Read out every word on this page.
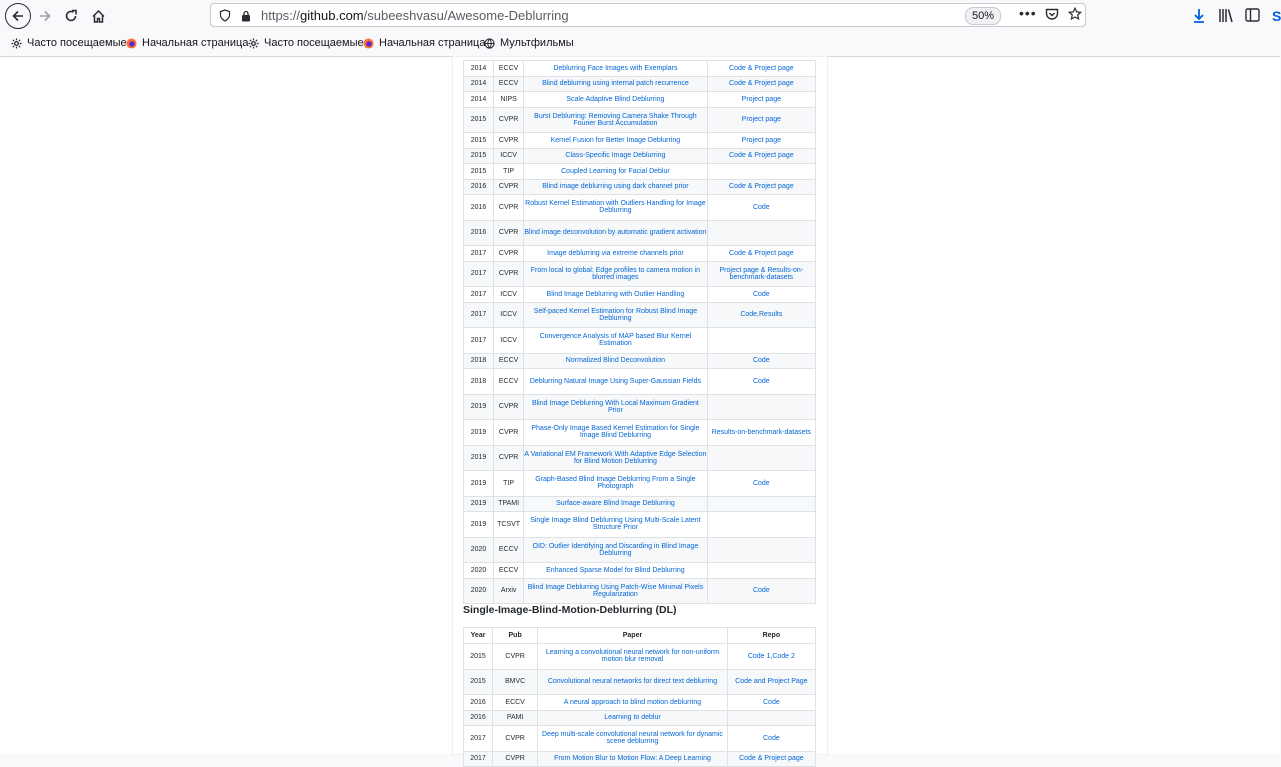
https://github.com/subeeshvasu/Awesome-Deblurring	50%	•••	S
Часто посещаемые Начальная страница Часто посещаемые Начальная страница Мультфильмы
2014	ECCV	Deblurring Face Images with Exemplars	Code & Project page
2014	ECCV	Blind deblurring using internal patch recurrence	Code & Project page
2014	NIPS	Scale Adaptive Blind Deblurring	Project page
2015	CVPR	Burst Deblurring: Removing Camera Shake Through Fourier Burst Accumulation	Project page
2015	CVPR	Kernel Fusion for Better Image Deblurring	Project page
2015	ICCV	Class-Specific Image Deblurring	Code & Project page
2015	TIP	Coupled Learning for Facial Deblur	
2016	CVPR	Blind image deblurring using dark channel prior	Code & Project page
2016	CVPR	Robust Kernel Estimation with Outliers Handling for Image Deblurring	Code
2016	CVPR	Blind image deconvolution by automatic gradient activation	
2017	CVPR	Image deblurring via extreme channels prior	Code & Project page
2017	CVPR	From local to global: Edge profiles to camera motion in blurred images	Project page & Results-on-benchmark-datasets
2017	ICCV	Blind Image Deblurring with Outlier Handling	Code
2017	ICCV	Self-paced Kernel Estimation for Robust Blind Image Deblurring	Code,Results
2017	ICCV	Convergence Analysis of MAP based Blur Kernel Estimation	
2018	ECCV	Normalized Blind Deconvolution	Code
2018	ECCV	Deblurring Natural Image Using Super-Gaussian Fields	Code
2019	CVPR	Blind Image Deblurring With Local Maximum Gradient Prior	
2019	CVPR	Phase-Only Image Based Kernel Estimation for Single Image Blind Deblurring	Results-on-benchmark-datasets
2019	CVPR	A Variational EM Framework With Adaptive Edge Selection for Blind Motion Deblurring	
2019	TIP	Graph-Based Blind Image Deblurring From a Single Photograph	Code
2019	TPAMI	Surface-aware Blind Image Deblurring	
2019	TCSVT	Single Image Blind Deblurring Using Multi-Scale Latent Structure Prior	
2020	ECCV	OID: Outlier Identifying and Discarding in Blind Image Deblurring	
2020	ECCV	Enhanced Sparse Model for Blind Deblurring	
2020	Arxiv	Blind Image Deblurring Using Patch-Wise Minimal Pixels Regularization	Code
Single-Image-Blind-Motion-Deblurring (DL)
Year	Pub	Paper	Repo
2015	CVPR	Learning a convolutional neural network for non-uniform motion blur removal	Code 1,Code 2
2015	BMVC	Convolutional neural networks for direct text deblurring	Code and Project Page
2016	ECCV	A neural approach to blind motion deblurring	Code
2016	PAMI	Learning to deblur	
2017	CVPR	Deep multi-scale convolutional neural network for dynamic scene deblurring	Code
2017	CVPR	From Motion Blur to Motion Flow: A Deep Learning	Code & Project page
